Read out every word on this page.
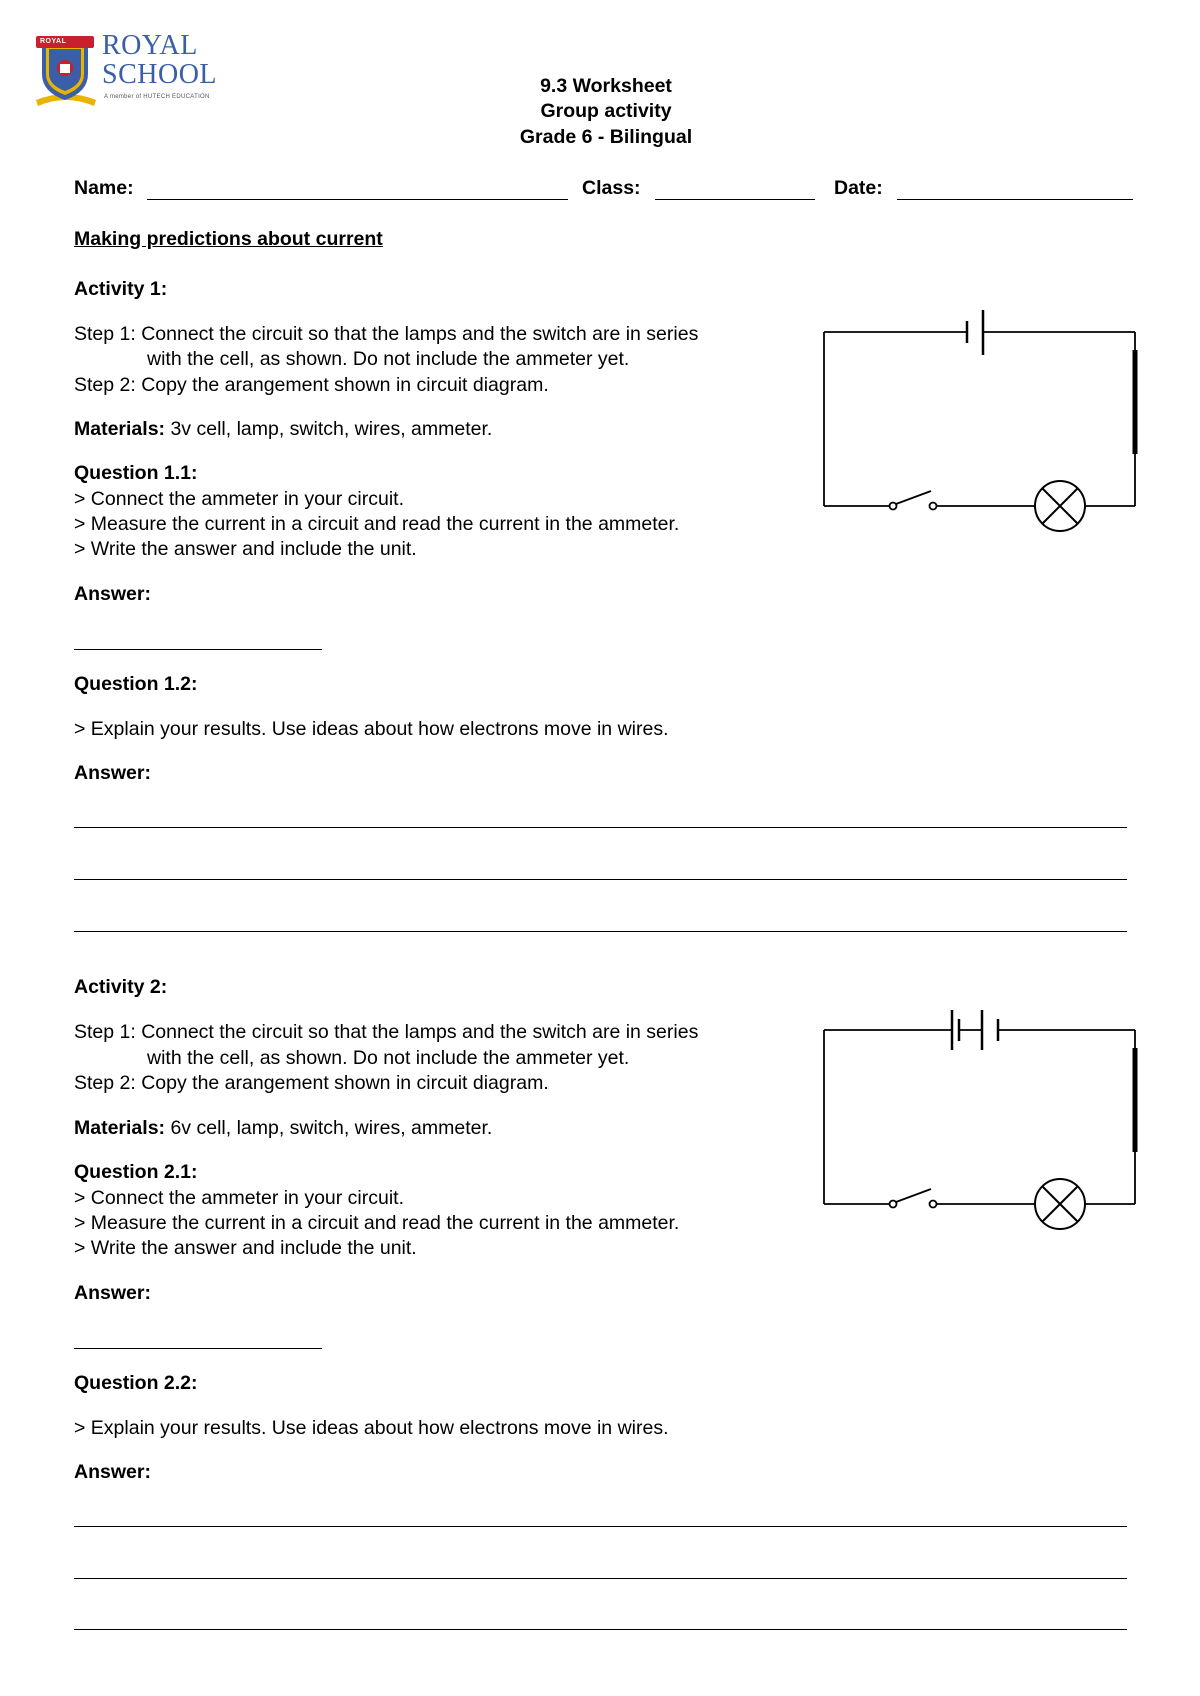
ROYAL ROYAL
SCHOOL
A member of HUTECH EDUCATION	9.3 Worksheet
Group activity
Grade 6 - Bilingual
Name:	Class:	Date:
Making predictions about current
Activity 1:
Step 1: Connect the circuit so that the lamps and the switch are in series
with the cell, as shown. Do not include the ammeter yet.
Step 2: Copy the arangement shown in circuit diagram.
Materials: 3v cell, lamp, switch, wires, ammeter.
Question 1.1:
> Connect the ammeter in your circuit.
> Measure the current in a circuit and read the current in the ammeter.
> Write the answer and include the unit.
Answer:
Question 1.2:
> Explain your results. Use ideas about how electrons move in wires.
Answer:
Activity 2:
Step 1: Connect the circuit so that the lamps and the switch are in series
with the cell, as shown. Do not include the ammeter yet.
Step 2: Copy the arangement shown in circuit diagram.
Materials: 6v cell, lamp, switch, wires, ammeter.
Question 2.1:
> Connect the ammeter in your circuit.
> Measure the current in a circuit and read the current in the ammeter.
> Write the answer and include the unit.
Answer:
Question 2.2:
> Explain your results. Use ideas about how electrons move in wires.
Answer:
